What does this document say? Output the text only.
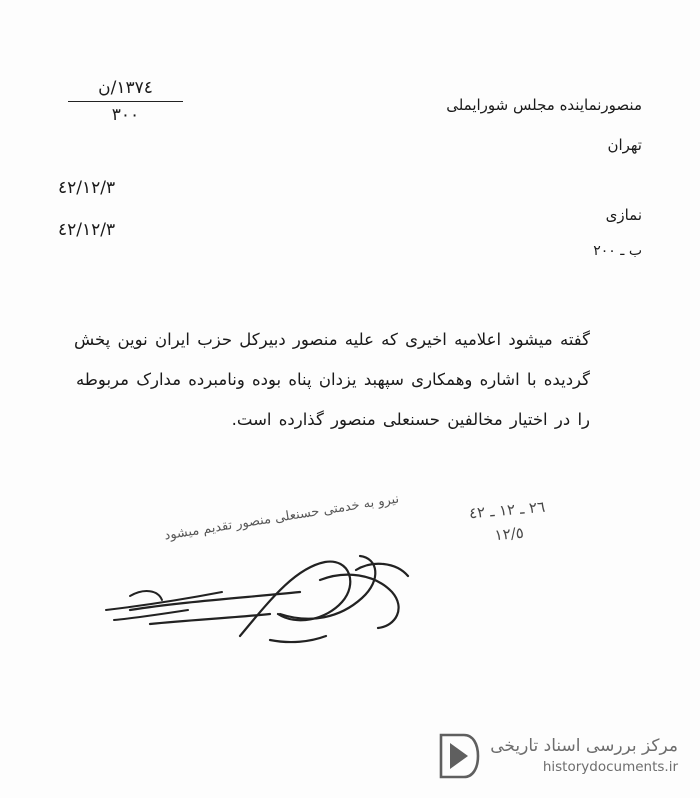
١٣٧٤/ن
٣٠٠
٤٢/١٢/٣
٤٢/١٢/٣
منصورنماینده مجلس شورایملی
تهران
نمازی
ب ـ ٢٠٠
گفته میشود اعلامیه اخیری که علیه منصور دبیرکل حزب ایران نوین پخش
گردیده با اشاره وهمکاری سپهبد یزدان پناه بوده ونامبرده مدارک مربوطه
را در اختیار مخالفین حسنعلی منصور گذارده است.
نیرو به خدمتی حسنعلی منصور تقدیم میشود	٢٦ ـ ١٢ ـ ٤٢
١٢/٥
مرکز بررسی اسناد تاریخی
historydocuments.ir
